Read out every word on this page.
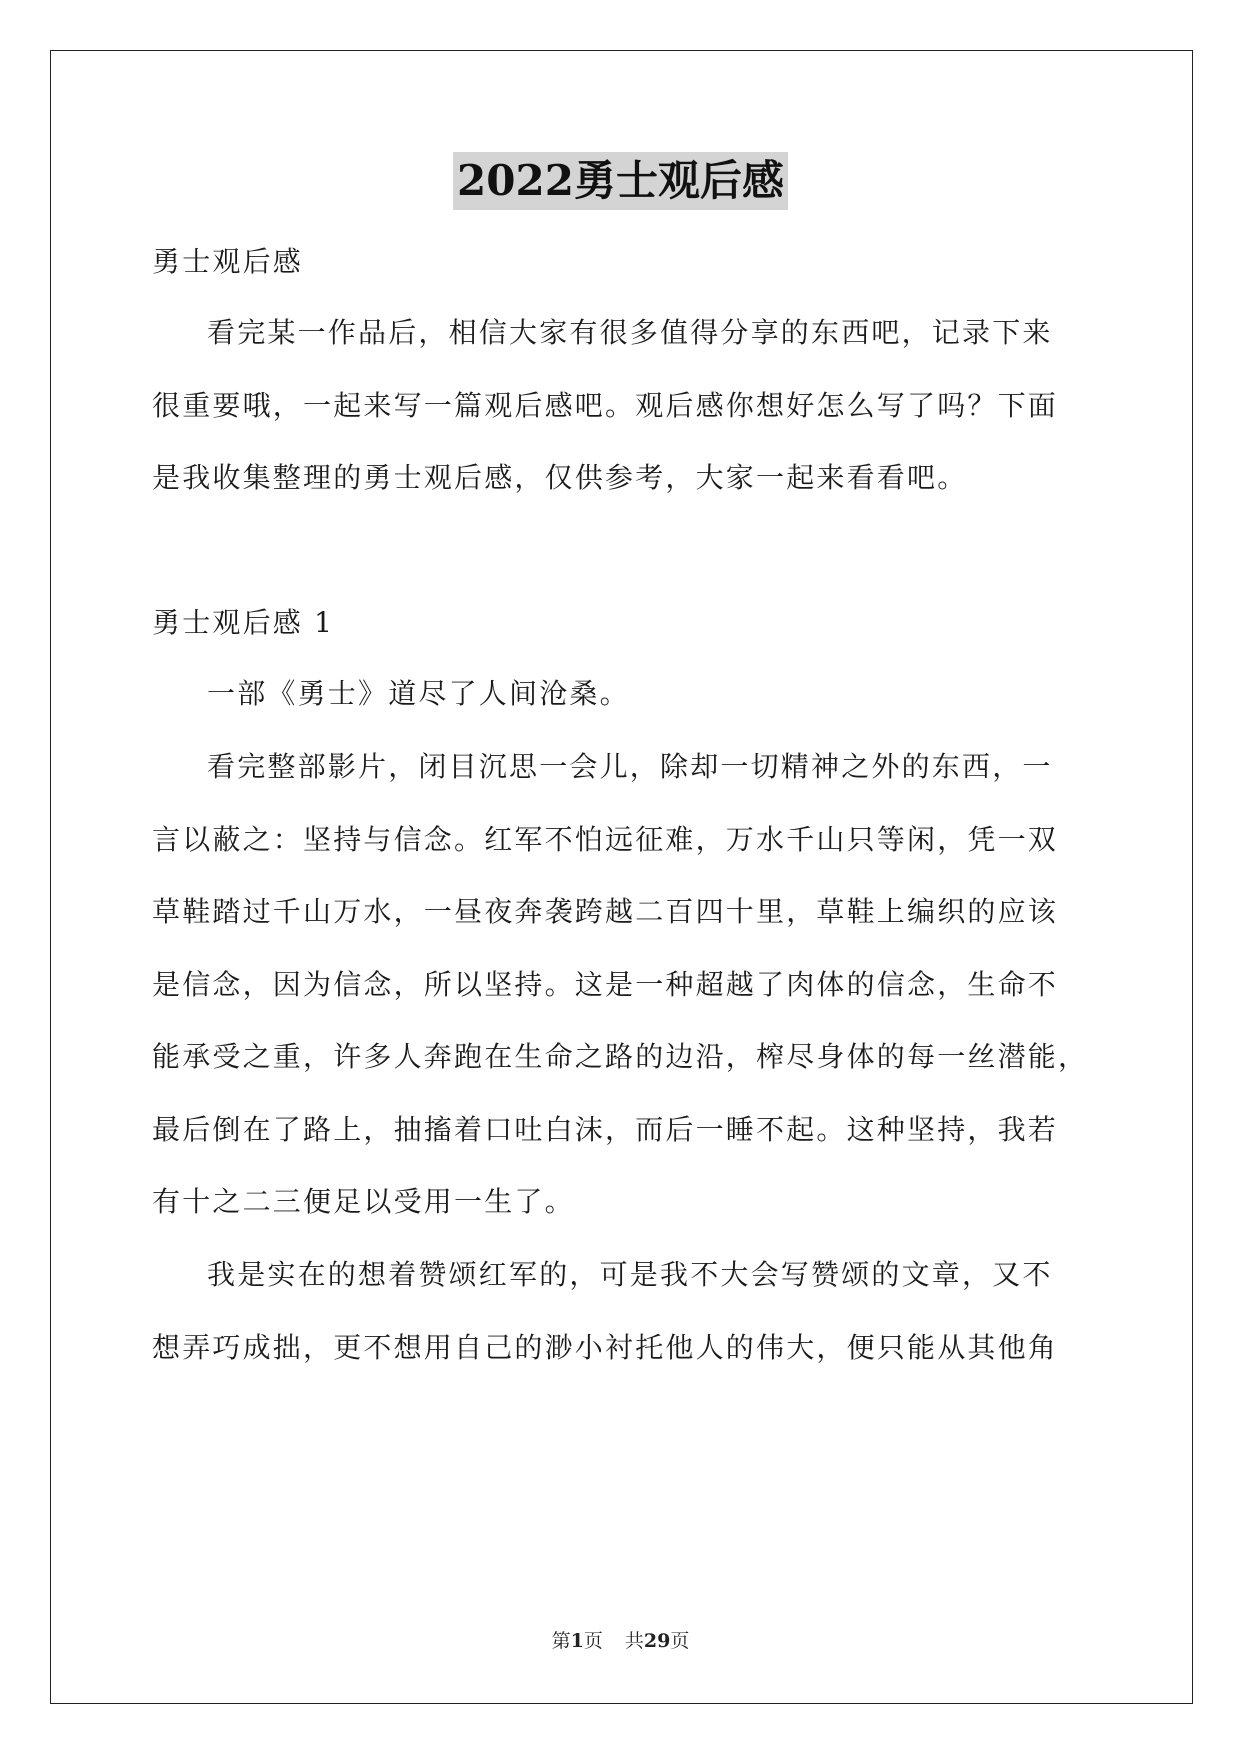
2022勇士观后感

勇士观后感

看完某一作品后，相信大家有很多值得分享的东西吧，记录下来

很重要哦，一起来写一篇观后感吧。观后感你想好怎么写了吗？下面

是我收集整理的勇士观后感，仅供参考，大家一起来看看吧。

勇士观后感 1

一部《勇士》道尽了人间沧桑。

看完整部影片，闭目沉思一会儿，除却一切精神之外的东西，一

言以蔽之：坚持与信念。红军不怕远征难，万水千山只等闲，凭一双

草鞋踏过千山万水，一昼夜奔袭跨越二百四十里，草鞋上编织的应该

是信念，因为信念，所以坚持。这是一种超越了肉体的信念，生命不

能承受之重，许多人奔跑在生命之路的边沿，榨尽身体的每一丝潜能，

最后倒在了路上，抽搐着口吐白沫，而后一睡不起。这种坚持，我若

有十之二三便足以受用一生了。

我是实在的想着赞颂红军的，可是我不大会写赞颂的文章，又不

想弄巧成拙，更不想用自己的渺小衬托他人的伟大，便只能从其他角

第1页 共29页
